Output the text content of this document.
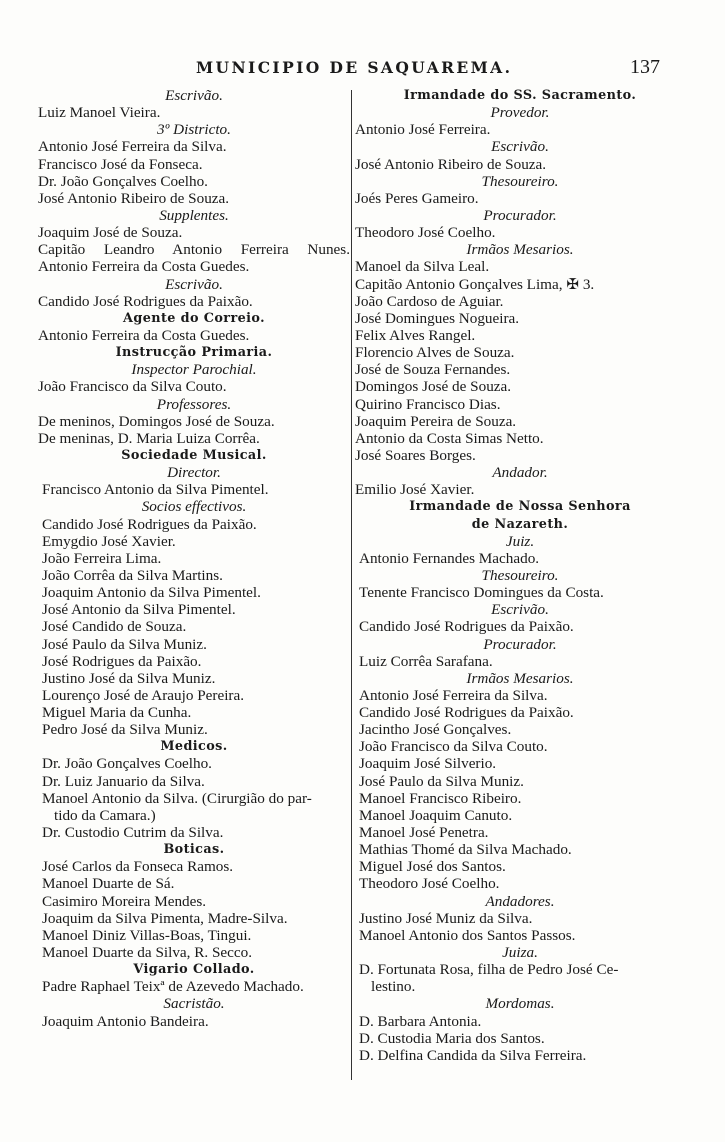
MUNICIPIO DE SAQUAREMA.	137
Escrivão.
Luiz Manoel Vieira.
3º Districto.
Antonio José Ferreira da Silva.
Francisco José da Fonseca.
Dr. João Gonçalves Coelho.
José Antonio Ribeiro de Souza.
Supplentes.
Joaquim José de Souza.
Capitão Leandro Antonio Ferreira Nunes.
Antonio Ferreira da Costa Guedes.
Escrivão.
Candido José Rodrigues da Paixão.
Agente do Correio.
Antonio Ferreira da Costa Guedes.
Instrucção Primaria.
Inspector Parochial.
João Francisco da Silva Couto.
Professores.
De meninos, Domingos José de Souza.
De meninas, D. Maria Luiza Corrêa.
Sociedade Musical.
Director.
Francisco Antonio da Silva Pimentel.
Socios effectivos.
Candido José Rodrigues da Paixão.
Emygdio José Xavier.
João Ferreira Lima.
João Corrêa da Silva Martins.
Joaquim Antonio da Silva Pimentel.
José Antonio da Silva Pimentel.
José Candido de Souza.
José Paulo da Silva Muniz.
José Rodrigues da Paixão.
Justino José da Silva Muniz.
Lourenço José de Araujo Pereira.
Miguel Maria da Cunha.
Pedro José da Silva Muniz.
Medicos.
Dr. João Gonçalves Coelho.
Dr. Luiz Januario da Silva.
Manoel Antonio da Silva. (Cirurgião do par-
tido da Camara.)
Dr. Custodio Cutrim da Silva.
Boticas.
José Carlos da Fonseca Ramos.
Manoel Duarte de Sá.
Casimiro Moreira Mendes.
Joaquim da Silva Pimenta, Madre-Silva.
Manoel Diniz Villas-Boas, Tingui.
Manoel Duarte da Silva, R. Secco.
Vigario Collado.
Padre Raphael Teixª de Azevedo Machado.
Sacristão.
Joaquim Antonio Bandeira.
Irmandade do SS. Sacramento.
Provedor.
Antonio José Ferreira.
Escrivão.
José Antonio Ribeiro de Souza.
Thesoureiro.
Joés Peres Gameiro.
Procurador.
Theodoro José Coelho.
Irmãos Mesarios.
Manoel da Silva Leal.
Capitão Antonio Gonçalves Lima, ✠ 3.
João Cardoso de Aguiar.
José Domingues Nogueira.
Felix Alves Rangel.
Florencio Alves de Souza.
José de Souza Fernandes.
Domingos José de Souza.
Quirino Francisco Dias.
Joaquim Pereira de Souza.
Antonio da Costa Simas Netto.
José Soares Borges.
Andador.
Emilio José Xavier.
Irmandade de Nossa Senhora
de Nazareth.
Juiz.
Antonio Fernandes Machado.
Thesoureiro.
Tenente Francisco Domingues da Costa.
Escrivão.
Candido José Rodrigues da Paixão.
Procurador.
Luiz Corrêa Sarafana.
Irmãos Mesarios.
Antonio José Ferreira da Silva.
Candido José Rodrigues da Paixão.
Jacintho José Gonçalves.
João Francisco da Silva Couto.
Joaquim José Silverio.
José Paulo da Silva Muniz.
Manoel Francisco Ribeiro.
Manoel Joaquim Canuto.
Manoel José Penetra.
Mathias Thomé da Silva Machado.
Miguel José dos Santos.
Theodoro José Coelho.
Andadores.
Justino José Muniz da Silva.
Manoel Antonio dos Santos Passos.
Juiza.
D. Fortunata Rosa, filha de Pedro José Ce-
lestino.
Mordomas.
D. Barbara Antonia.
D. Custodia Maria dos Santos.
D. Delfina Candida da Silva Ferreira.
